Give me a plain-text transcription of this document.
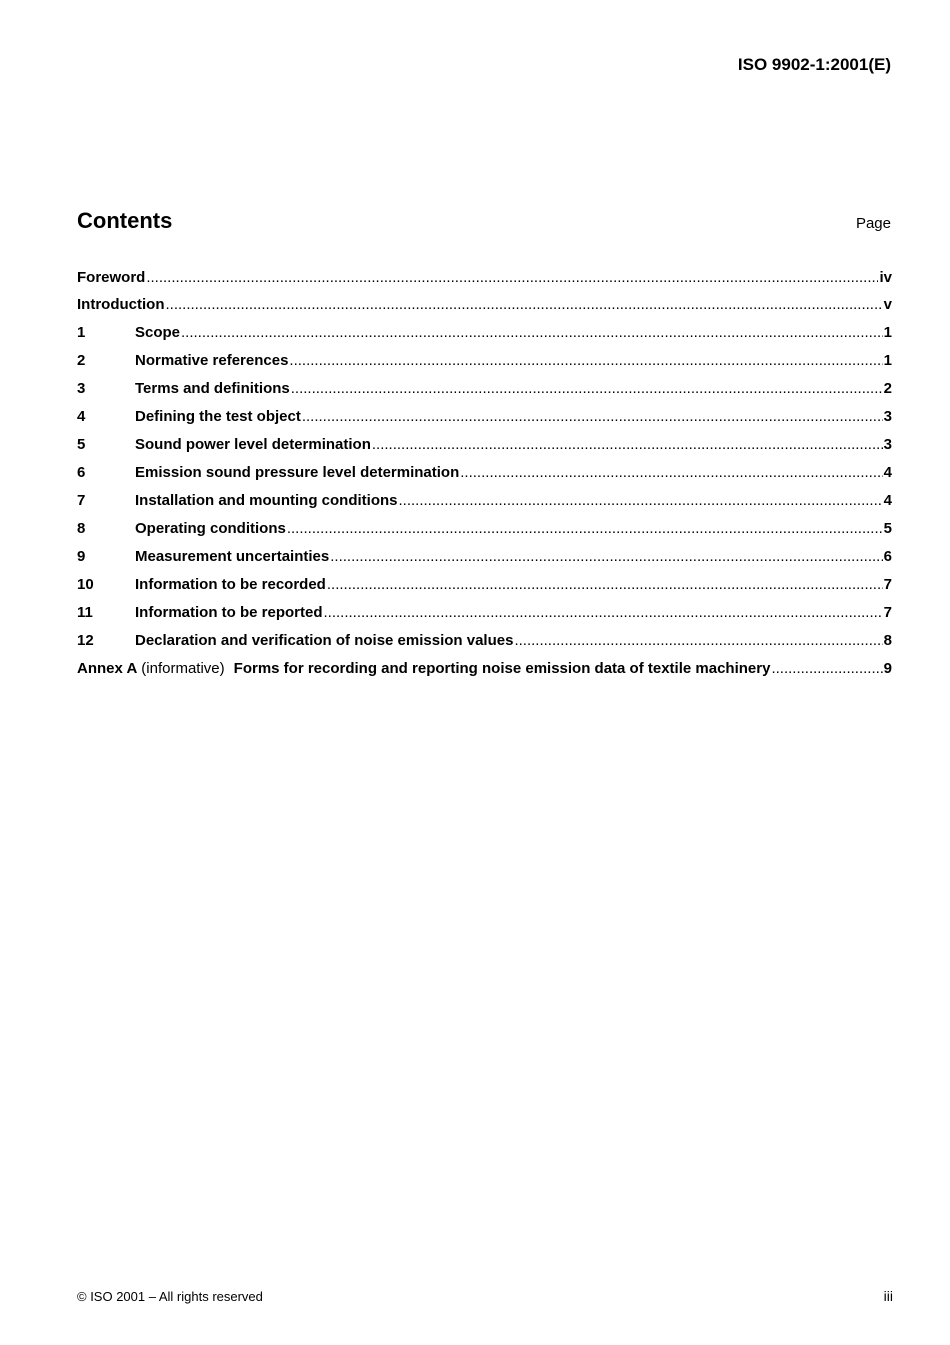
ISO 9902-1:2001(E)
Contents	Page
Foreword .....	iv
Introduction .....	v
1	Scope .....	1
2	Normative references .....	1
3	Terms and definitions .....	2
4	Defining the test object .....	3
5	Sound power level determination .....	3
6	Emission sound pressure level determination .....	4
7	Installation and mounting conditions .....	4
8	Operating conditions .....	5
9	Measurement uncertainties .....	6
10	Information to be recorded .....	7
11	Information to be reported .....	7
12	Declaration and verification of noise emission values .....	8
Annex A (informative) Forms for recording and reporting noise emission data of textile machinery .....	9
© ISO 2001 – All rights reserved	iii
